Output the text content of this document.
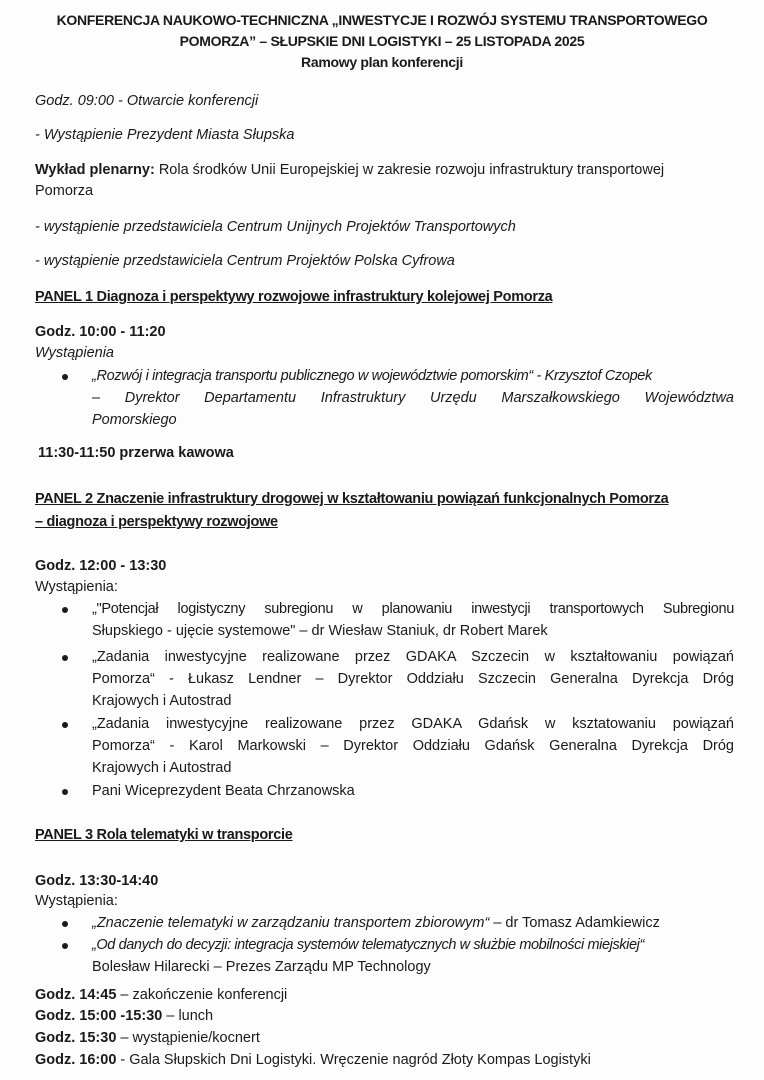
KONFERENCJA NAUKOWO-TECHNICZNA „INWESTYCJE I ROZWÓJ SYSTEMU TRANSPORTOWEGO
POMORZA” – SŁUPSKIE DNI LOGISTYKI – 25 LISTOPADA 2025
Ramowy plan konferencji
Godz. 09:00 - Otwarcie konferencji
- Wystąpienie Prezydent Miasta Słupska
Wykład plenarny: Rola środków Unii Europejskiej w zakresie rozwoju infrastruktury transportowej
Pomorza
- wystąpienie przedstawiciela Centrum Unijnych Projektów Transportowych
- wystąpienie przedstawiciela Centrum Projektów Polska Cyfrowa
PANEL 1 Diagnoza i perspektywy rozwojowe infrastruktury kolejowej Pomorza
Godz. 10:00 - 11:20
Wystąpienia
„Rozwój i integracja transportu publicznego w województwie pomorskim“ - Krzysztof Czopek
– Dyrektor Departamentu Infrastruktury Urzędu Marszałkowskiego Województwa
Pomorskiego
11:30-11:50 przerwa kawowa
PANEL 2 Znaczenie infrastruktury drogowej w kształtowaniu powiązań funkcjonalnych Pomorza
– diagnoza i perspektywy rozwojowe
Godz. 12:00 - 13:30
Wystąpienia:
„"Potencjał logistyczny subregionu w planowaniu inwestycji transportowych Subregionu
Słupskiego - ujęcie systemowe" – dr Wiesław Staniuk, dr Robert Marek
„Zadania inwestycyjne realizowane przez GDAKA Szczecin w kształtowaniu powiązań
Pomorza“ - Łukasz Lendner – Dyrektor Oddziału Szczecin Generalna Dyrekcja Dróg
Krajowych i Autostrad
„Zadania inwestycyjne realizowane przez GDAKA Gdańsk w ksztatowaniu powiązań
Pomorza“ - Karol Markowski – Dyrektor Oddziału Gdańsk Generalna Dyrekcja Dróg
Krajowych i Autostrad
Pani Wiceprezydent Beata Chrzanowska
PANEL 3 Rola telematyki w transporcie
Godz. 13:30-14:40
Wystąpienia:
„Znaczenie telematyki w zarządzaniu transportem zbiorowym“ – dr Tomasz Adamkiewicz
„Od danych do decyzji: integracja systemów telematycznych w służbie mobilności miejskiej“
Bolesław Hilarecki – Prezes Zarządu MP Technology
Godz. 14:45 – zakończenie konferencji
Godz. 15:00 -15:30 – lunch
Godz. 15:30 – wystąpienie/kocnert
Godz. 16:00 - Gala Słupskich Dni Logistyki. Wręczenie nagród Złoty Kompas Logistyki
